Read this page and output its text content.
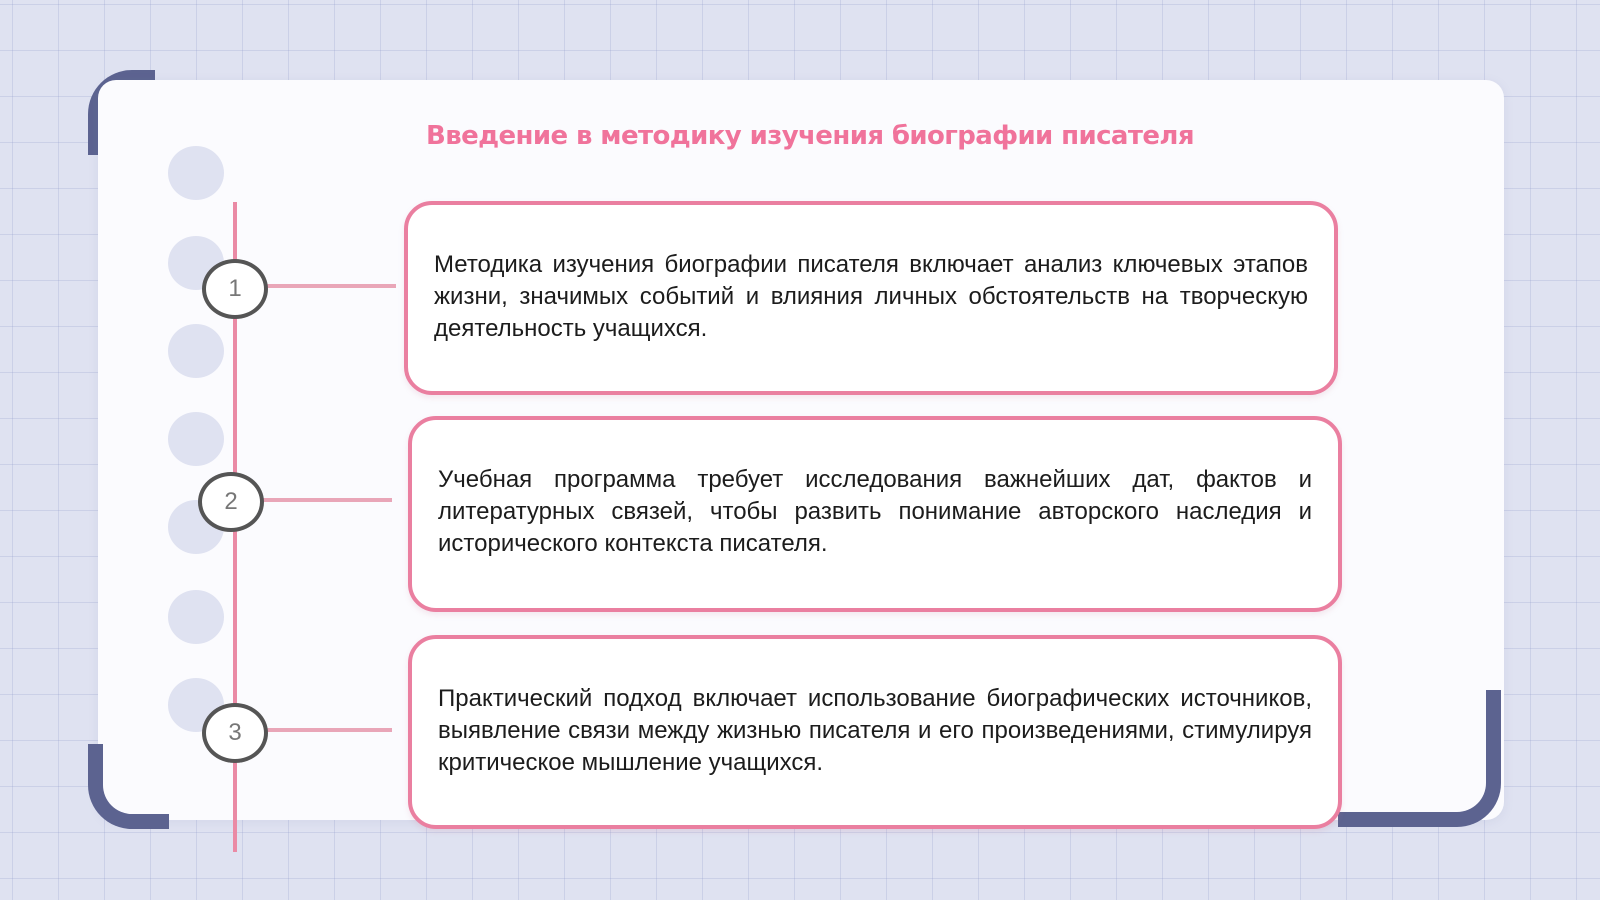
Введение в методику изучения биографии писателя
1

Методика изучения биографии писателя включает анализ ключевых этапов жизни, значимых событий и влияния личных обстоятельств на творческую деятельность учащихся.

2

Учебная программа требует исследования важнейших дат, фактов и литературных связей, чтобы развить понимание авторского наследия и исторического контекста писателя.

3

Практический подход включает использование биографических источников, выявление связи между жизнью писателя и его произведениями, стимулируя критическое мышление учащихся.
